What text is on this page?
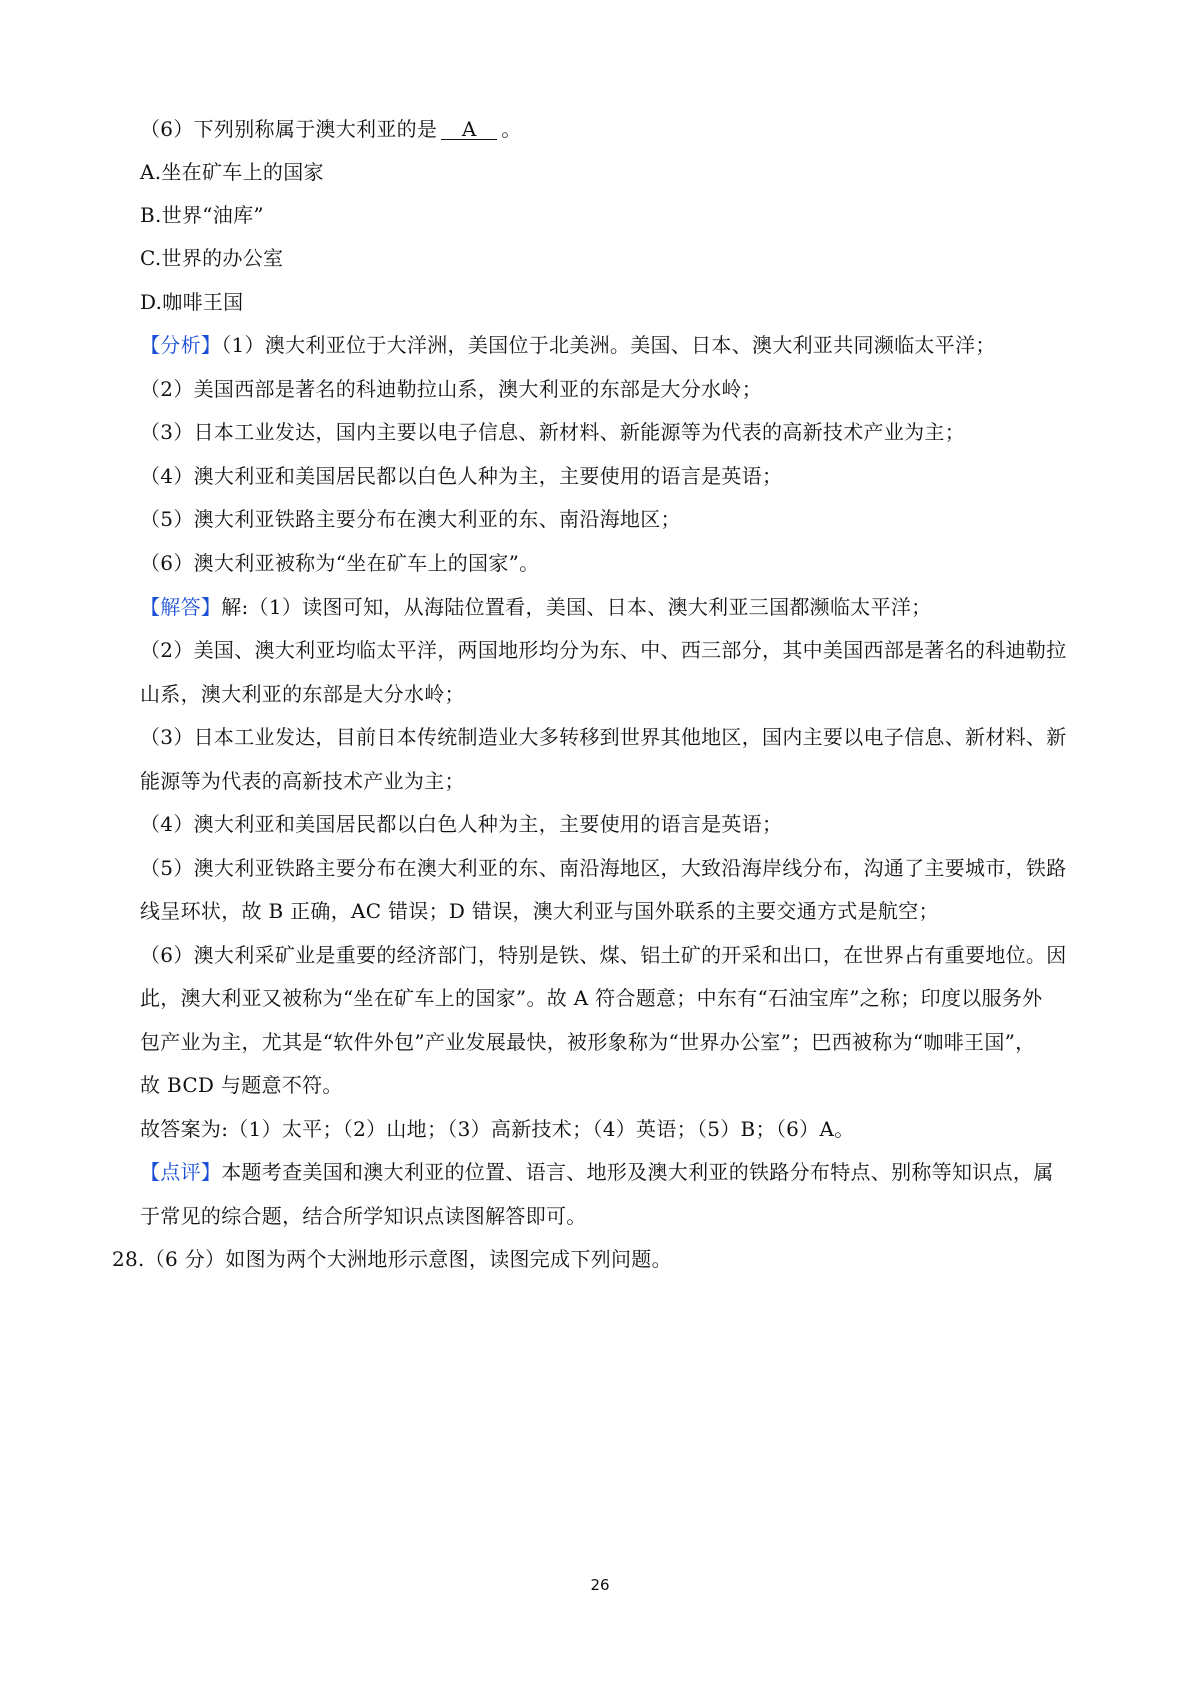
（6）下列别称属于澳大利亚的是 A 。
A.坐在矿车上的国家
B.世界“油库”
C.世界的办公室
D.咖啡王国
【分析】（1）澳大利亚位于大洋洲，美国位于北美洲。美国、日本、澳大利亚共同濒临太平洋；
（2）美国西部是著名的科迪勒拉山系，澳大利亚的东部是大分水岭；
（3）日本工业发达，国内主要以电子信息、新材料、新能源等为代表的高新技术产业为主；
（4）澳大利亚和美国居民都以白色人种为主，主要使用的语言是英语；
（5）澳大利亚铁路主要分布在澳大利亚的东、南沿海地区；
（6）澳大利亚被称为“坐在矿车上的国家”。
【解答】解:（1）读图可知，从海陆位置看，美国、日本、澳大利亚三国都濒临太平洋；
（2）美国、澳大利亚均临太平洋，两国地形均分为东、中、西三部分，其中美国西部是著名的科迪勒拉
山系，澳大利亚的东部是大分水岭；
（3）日本工业发达，目前日本传统制造业大多转移到世界其他地区，国内主要以电子信息、新材料、新
能源等为代表的高新技术产业为主；
（4）澳大利亚和美国居民都以白色人种为主，主要使用的语言是英语；
（5）澳大利亚铁路主要分布在澳大利亚的东、南沿海地区，大致沿海岸线分布，沟通了主要城市，铁路
线呈环状，故 B 正确，AC 错误；D 错误，澳大利亚与国外联系的主要交通方式是航空；
（6）澳大利采矿业是重要的经济部门，特别是铁、煤、铝土矿的开采和出口，在世界占有重要地位。因
此，澳大利亚又被称为“坐在矿车上的国家”。故 A 符合题意；中东有“石油宝库”之称；印度以服务外
包产业为主，尤其是“软件外包”产业发展最快，被形象称为“世界办公室”；巴西被称为“咖啡王国”，
故 BCD 与题意不符。
故答案为:（1）太平；（2）山地；（3）高新技术；（4）英语；（5）B；（6）A。
【点评】本题考查美国和澳大利亚的位置、语言、地形及澳大利亚的铁路分布特点、别称等知识点，属
于常见的综合题，结合所学知识点读图解答即可。
28.（6 分）如图为两个大洲地形示意图，读图完成下列问题。
26
